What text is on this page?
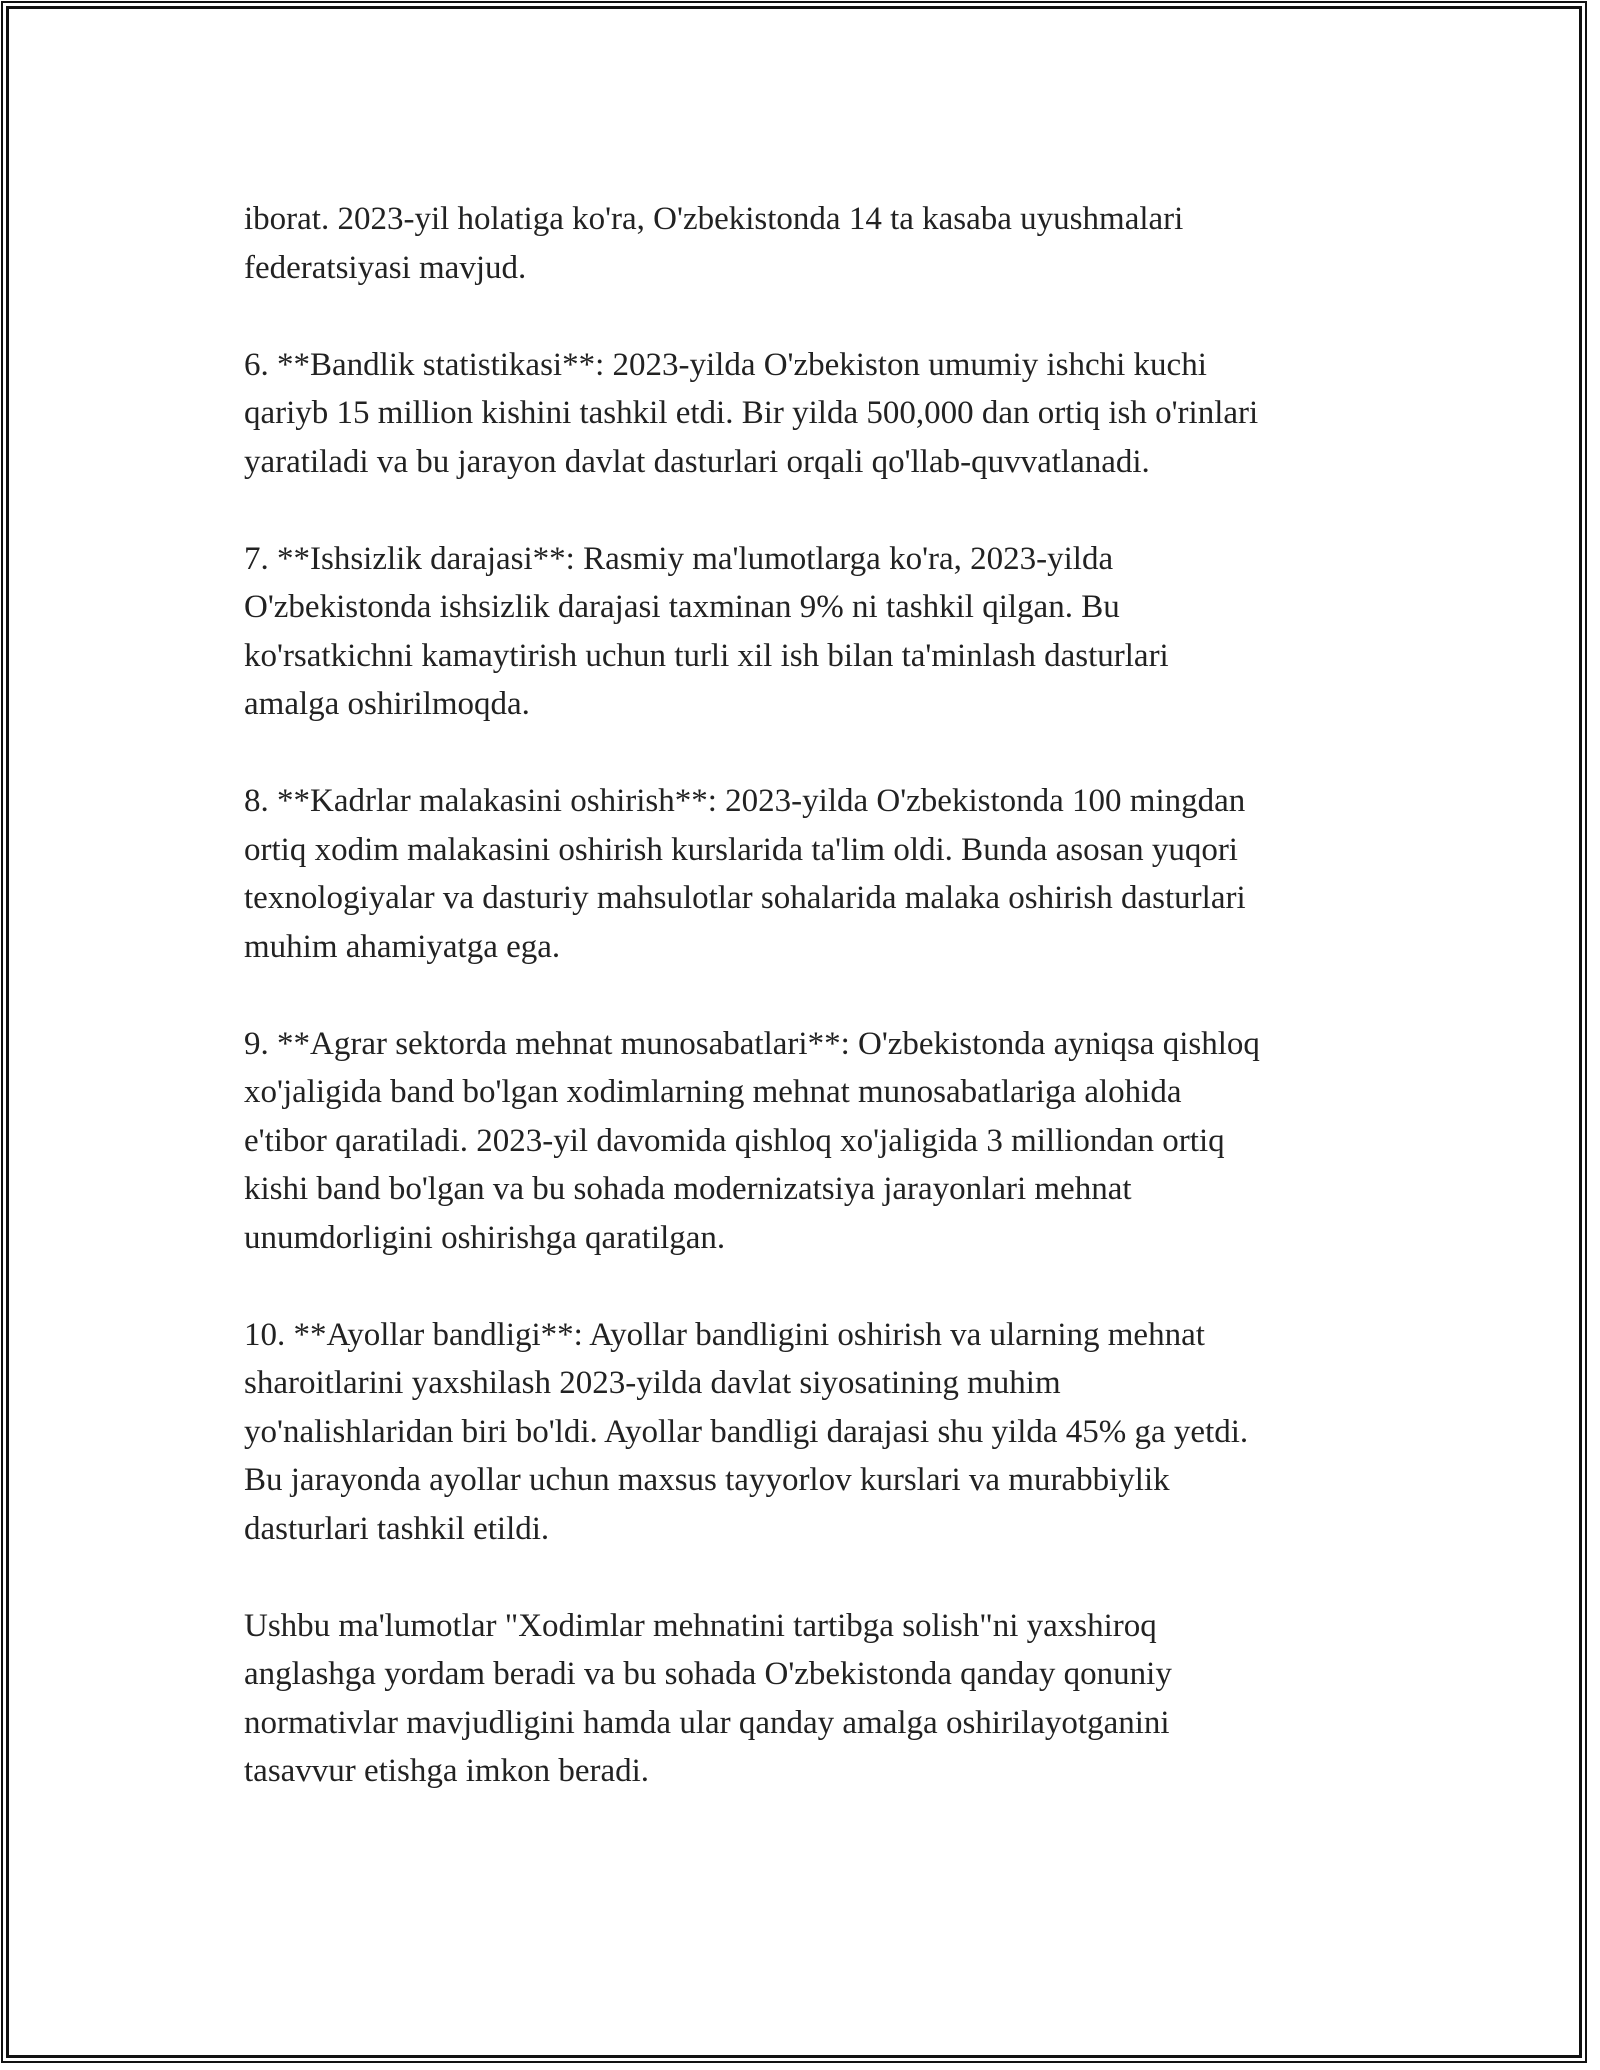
iborat. 2023-yil holatiga ko'ra, O'zbekistonda 14 ta kasaba uyushmalari
federatsiyasi mavjud.

6. **Bandlik statistikasi**: 2023-yilda O'zbekiston umumiy ishchi kuchi
qariyb 15 million kishini tashkil etdi. Bir yilda 500,000 dan ortiq ish o'rinlari
yaratiladi va bu jarayon davlat dasturlari orqali qo'llab-quvvatlanadi.

7. **Ishsizlik darajasi**: Rasmiy ma'lumotlarga ko'ra, 2023-yilda
O'zbekistonda ishsizlik darajasi taxminan 9% ni tashkil qilgan. Bu
ko'rsatkichni kamaytirish uchun turli xil ish bilan ta'minlash dasturlari
amalga oshirilmoqda.

8. **Kadrlar malakasini oshirish**: 2023-yilda O'zbekistonda 100 mingdan
ortiq xodim malakasini oshirish kurslarida ta'lim oldi. Bunda asosan yuqori
texnologiyalar va dasturiy mahsulotlar sohalarida malaka oshirish dasturlari
muhim ahamiyatga ega.

9. **Agrar sektorda mehnat munosabatlari**: O'zbekistonda ayniqsa qishloq
xo'jaligida band bo'lgan xodimlarning mehnat munosabatlariga alohida
e'tibor qaratiladi. 2023-yil davomida qishloq xo'jaligida 3 milliondan ortiq
kishi band bo'lgan va bu sohada modernizatsiya jarayonlari mehnat
unumdorligini oshirishga qaratilgan.

10. **Ayollar bandligi**: Ayollar bandligini oshirish va ularning mehnat
sharoitlarini yaxshilash 2023-yilda davlat siyosatining muhim
yo'nalishlaridan biri bo'ldi. Ayollar bandligi darajasi shu yilda 45% ga yetdi.
Bu jarayonda ayollar uchun maxsus tayyorlov kurslari va murabbiylik
dasturlari tashkil etildi.

Ushbu ma'lumotlar "Xodimlar mehnatini tartibga solish"ni yaxshiroq
anglashga yordam beradi va bu sohada O'zbekistonda qanday qonuniy
normativlar mavjudligini hamda ular qanday amalga oshirilayotganini
tasavvur etishga imkon beradi.
